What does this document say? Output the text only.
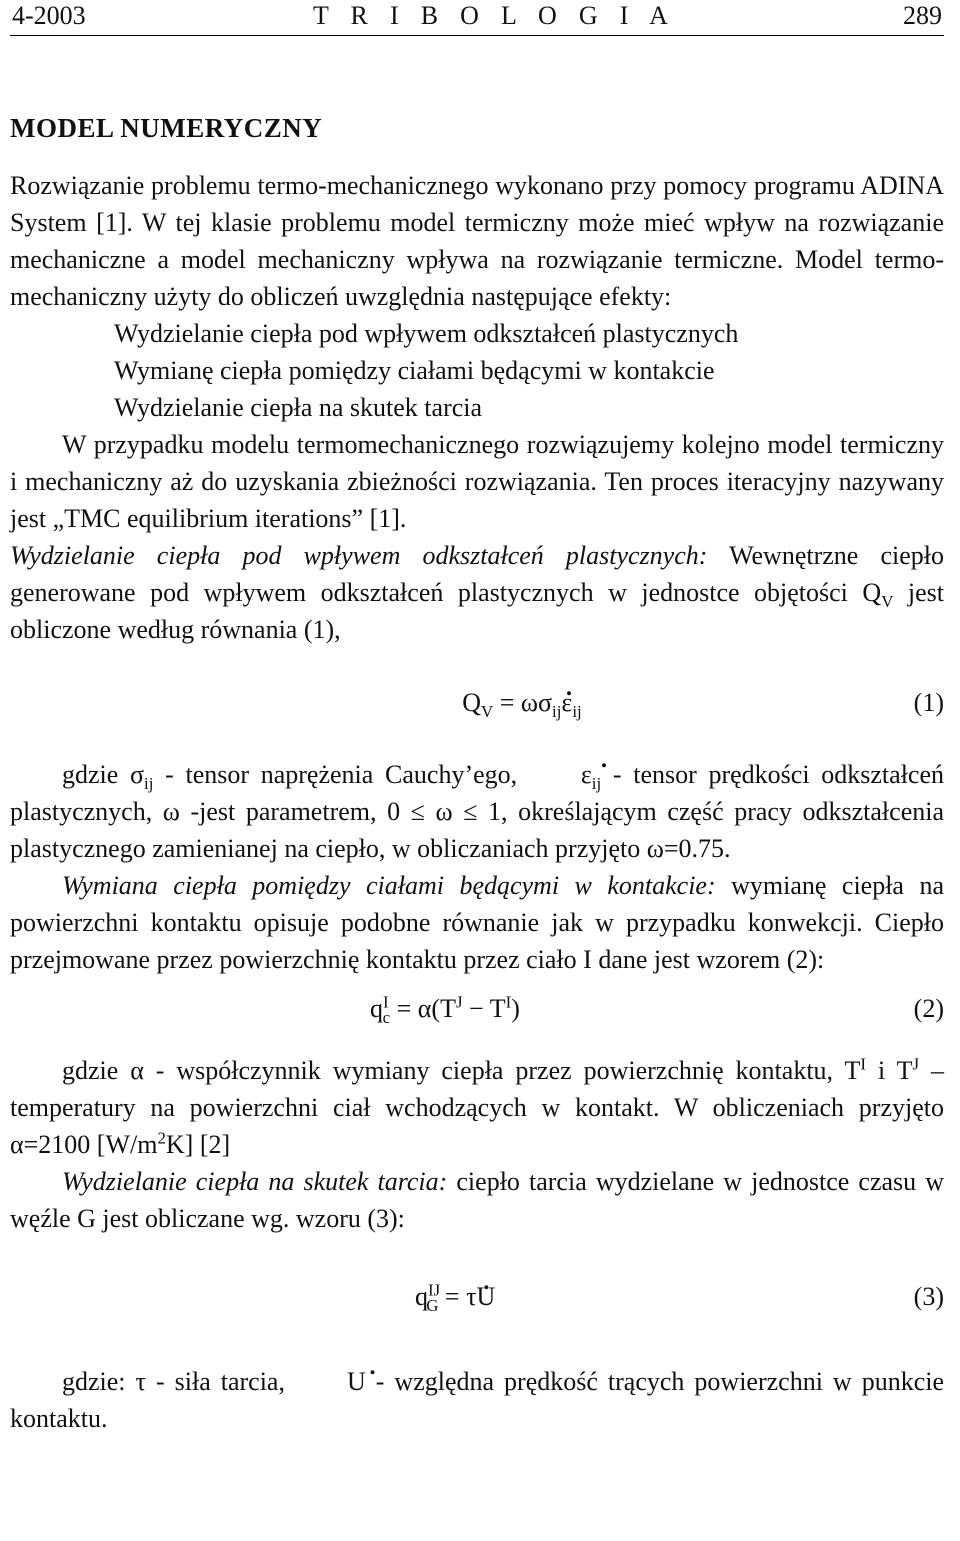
4-2003	T R I B O L O G I A	289
MODEL NUMERYCZNY

Rozwiązanie problemu termo-mechanicznego wykonano przy pomocy programu ADINA System [1]. W tej klasie problemu model termiczny może mieć wpływ na rozwiązanie mechaniczne a model mechaniczny wpływa na rozwiązanie termiczne. Model termo-mechaniczny użyty do obliczeń uwzględnia następujące efekty:

Wydzielanie ciepła pod wpływem odkształceń plastycznych
Wymianę ciepła pomiędzy ciałami będącymi w kontakcie
Wydzielanie ciepła na skutek tarcia

W przypadku modelu termomechanicznego rozwiązujemy kolejno model termiczny i mechaniczny aż do uzyskania zbieżności rozwiązania. Ten proces iteracyjny nazywany jest „TMC equilibrium iterations” [1].

Wydzielanie ciepła pod wpływem odkształceń plastycznych: Wewnętrzne ciepło generowane pod wpływem odkształceń plastycznych w jednostce objętości $Q_V$ jest obliczone według równania (1),

$Q_V = \omega\sigma_{ij}\varepsilon$ $._{ij}$	(1)

gdzie $\sigma_{ij}$ - tensor naprężenia Cauchy’ego, ε $._{ij}$ - tensor prędkości odkształceń plastycznych, ω -jest parametrem, 0 ≤ ω ≤ 1, określającym część pracy odkształcenia plastycznego zamienianej na ciepło, w obliczaniach przyjęto ω=0.75.

Wymiana ciepła pomiędzy ciałami będącymi w kontakcie: wymianę ciepła na powierzchni kontaktu opisuje podobne równanie jak w przypadku konwekcji. Ciepło przejmowane przez powierzchnię kontaktu przez ciało I dane jest wzorem (2):

$q^I_c = \alpha(T^J - T^I)$	(2)

gdzie α - współczynnik wymiany ciepła przez powierzchnię kontaktu, $T^I$ i $T^J$ – temperatury na powierzchni ciał wchodzących w kontakt. W obliczeniach przyjęto α=2100 $[W/m^2K]$ [2]

Wydzielanie ciepła na skutek tarcia: ciepło tarcia wydzielane w jednostce czasu w węźle G jest obliczane wg. wzoru (3):

$q^{IJ}_G = \tau U$ .	(3)

gdzie: τ - siła tarcia, U . - względna prędkość trących powierzchni w punkcie kontaktu.
